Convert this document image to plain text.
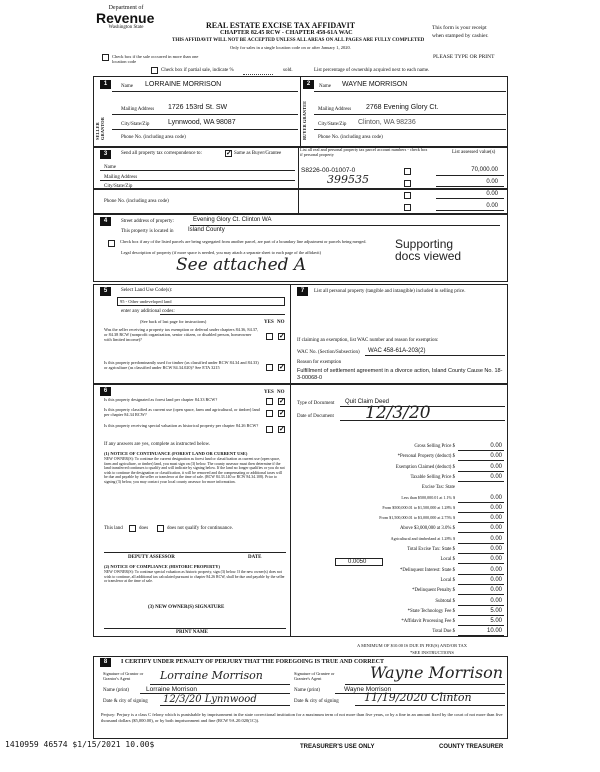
Department of
Revenue
Washington State	REAL ESTATE EXCISE TAX AFFIDAVIT
CHAPTER 82.45 RCW - CHAPTER 458-61A WAC
THIS AFFIDAVIT WILL NOT BE ACCEPTED UNLESS ALL AREAS ON ALL PAGES ARE FULLY COMPLETED
Only for sales in a single location code on or after January 1, 2020.
This form is your receipt
when stamped by cashier.
PLEASE TYPE OR PRINT
Check box if the sale occurred in more than one location code
Check box if partial sale, indicate %	sold.	List percentage of ownership acquired next to each name.
1
SELLER GRANTOR
Name LORRAINE MORRISON
Mailing Address 1726 153rd St. SW
City/State/Zip	Lynnwood, WA 98087
Phone No. (including area code)
2
BUYER GRANTEE
Name WAYNE MORRISON
Mailing Address 2768 Evening Glory Ct.
City/State/Zip Clinton, WA 98236
Phone No. (including area code)
3	Send all property tax correspondence to: ✓	Same as Buyer/Grantee
Name
Mailing Address
City/State/Zip
List all real and personal property tax parcel account numbers - check box if personal property	List assessed value(s)
S8226-00-01007-0
399535
70,000.00
Phone No. (including area code)
0.00
0.00
0.00
4	Street address of property:	Evening Glory Ct. Clinton WA
This property is located in Island County
Check box if any of the listed parcels are being segregated from another parcel, are part of a boundary line adjustment or parcels being merged.
Legal description of property (if more space is needed, you may attach a separate sheet to each page of the affidavit)
See attached A
Supporting
docs viewed
5	Select Land Use Code(s):
95 - Other undeveloped land
enter any additional codes:
(See back of last page for instructions)	YES NO
Was the seller receiving a property tax exemption or deferral under chapters 84.36, 84.37, or 84.38 RCW (nonprofit organization, senior citizen, or disabled person, homeowner with limited income)?
✓
Is this property predominantly used for timber (as classified under RCW 84.34 and 84.33) or agriculture (as classified under RCW 84.34.020)? See ETA 3215
✓
7	List all personal property (tangible and intangible) included in selling price.
If claiming an exemption, list WAC number and reason for exemption:
WAC No. (Section/Subsection) WAC 458-61A-203(2)
Reason for exemption
Fulfillment of settlement agreement in a divorce action, Island County Cause No. 18-3-00068-0
6	YES NO
Is this property designated as forest land per chapter 84.33 RCW?
✓
Is this property classified as current use (open space, farm and agricultural, or timber) land per chapter 84.34 RCW?
✓
Is this property receiving special valuation as historical property per chapter 84.26 RCW?
✓
If any answers are yes, complete as instructed below.
(1) NOTICE OF CONTINUANCE (FOREST LAND OR CURRENT USE)
NEW OWNER(S): To continue the current designation as forest land or classification as current use (open space, farm and agriculture, or timber) land, you must sign on (3) below. The county assessor must then determine if the land transferred continues to qualify and will indicate by signing below. If the land no longer qualifies or you do not wish to continue the designation or classification, it will be removed and the compensating or additional taxes will be due and payable by the seller or transferor at the time of sale. (RCW 84.33.140 or RCW 84.34.108). Prior to signing (3) below, you may contact your local county assessor for more information.
This land	does	does not qualify for continuance.
DEPUTY ASSESSOR	DATE
(2) NOTICE OF COMPLIANCE (HISTORIC PROPERTY)
NEW OWNER(S): To continue special valuation as historic property, sign (3) below. If the new owner(s) does not wish to continue, all additional tax calculated pursuant to chapter 84.26 RCW, shall be due and payable by the seller or transferor at the time of sale.
(3) NEW OWNER(S) SIGNATURE
PRINT NAME
Type of Document Quit Claim Deed
Date of Document 12/3/20
Gross Selling Price $	0.00
*Personal Property (deduct) $	0.00
Exemption Claimed (deduct) $	0.00
Taxable Selling Price $	0.00
Excise Tax: State
Less than $500,000.01 at 1.1% $	0.00
From $500,000.01 to $1,500,000 at 1.28% $	0.00
From $1,500,000.01 to $3,000,000 at 2.75% $	0.00
Above $3,000,000 at 3.0% $	0.00
Agricultural and timberland at 1.28% $	0.00
Total Excise Tax: State $	0.00
Local $	0.00
*Delinquent Interest: State $	0.00
Local $	0.00
*Delinquent Penalty $	0.00
Subtotal $	0.00
*State Technology Fee $	5.00
*Affidavit Processing Fee $	5.00
Total Due $	10.00
0.0050
A MINIMUM OF $10.00 IS DUE IN FEE(S) AND/OR TAX
*SEE INSTRUCTIONS
8	I CERTIFY UNDER PENALTY OF PERJURY THAT THE FOREGOING IS TRUE AND CORRECT
Signature of Grantor or Grantor's Agent	Lorraine Morrison
Name (print)	Lorraine Morrison
Date & city of signing 12/3/20 Lynnwood
Signature of Grantee or Grantee's Agent	Wayne Morrison
Name (print)	Wayne Morrison
Date & city of signing 11/19/2020 Clinton
Perjury: Perjury is a class C felony which is punishable by imprisonment in the state correctional institution for a maximum term of not more than five years, or by a fine in an amount fixed by the court of not more than five thousand dollars ($5,000.00), or by both imprisonment and fine (RCW 9A.20.020(1C)).
1410959 46574 $1/15/2021 10.00$	TREASURER'S USE ONLY	COUNTY TREASURER
